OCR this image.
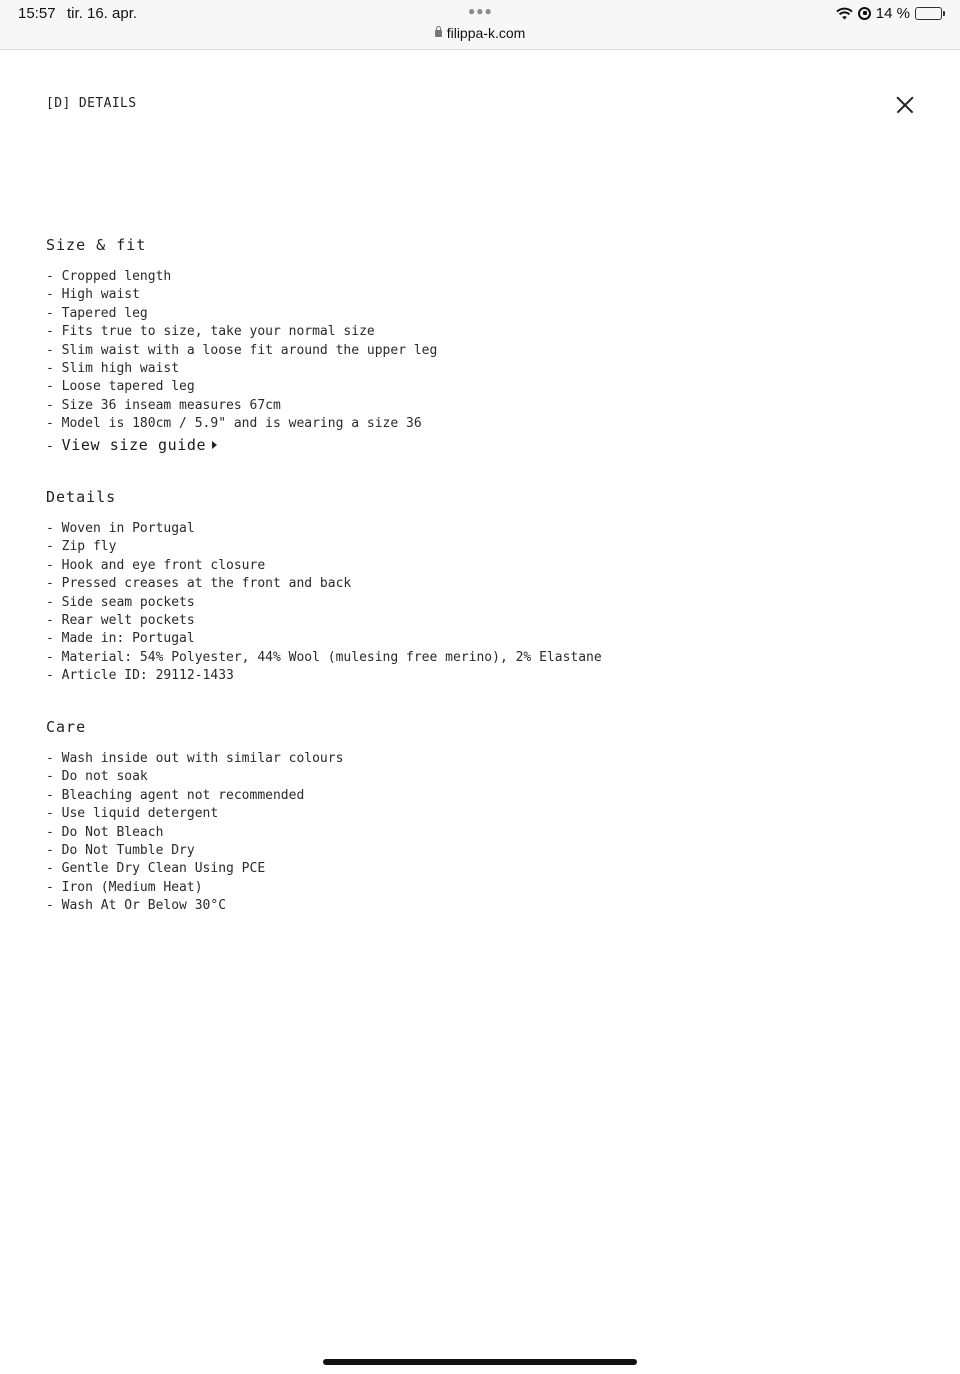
15:57 tir. 16. apr.	●●●
filippa-k.com
14 %
[D] DETAILS
Size & fit
- Cropped length
- High waist
- Tapered leg
- Fits true to size, take your normal size
- Slim waist with a loose fit around the upper leg
- Slim high waist
- Loose tapered leg
- Size 36 inseam measures 67cm
- Model is 180cm / 5.9" and is wearing a size 36
- View size guide
Details
- Woven in Portugal
- Zip fly
- Hook and eye front closure
- Pressed creases at the front and back
- Side seam pockets
- Rear welt pockets
- Made in: Portugal
- Material: 54% Polyester, 44% Wool (mulesing free merino), 2% Elastane
- Article ID: 29112-1433
Care
- Wash inside out with similar colours
- Do not soak
- Bleaching agent not recommended
- Use liquid detergent
- Do Not Bleach
- Do Not Tumble Dry
- Gentle Dry Clean Using PCE
- Iron (Medium Heat)
- Wash At Or Below 30°C
